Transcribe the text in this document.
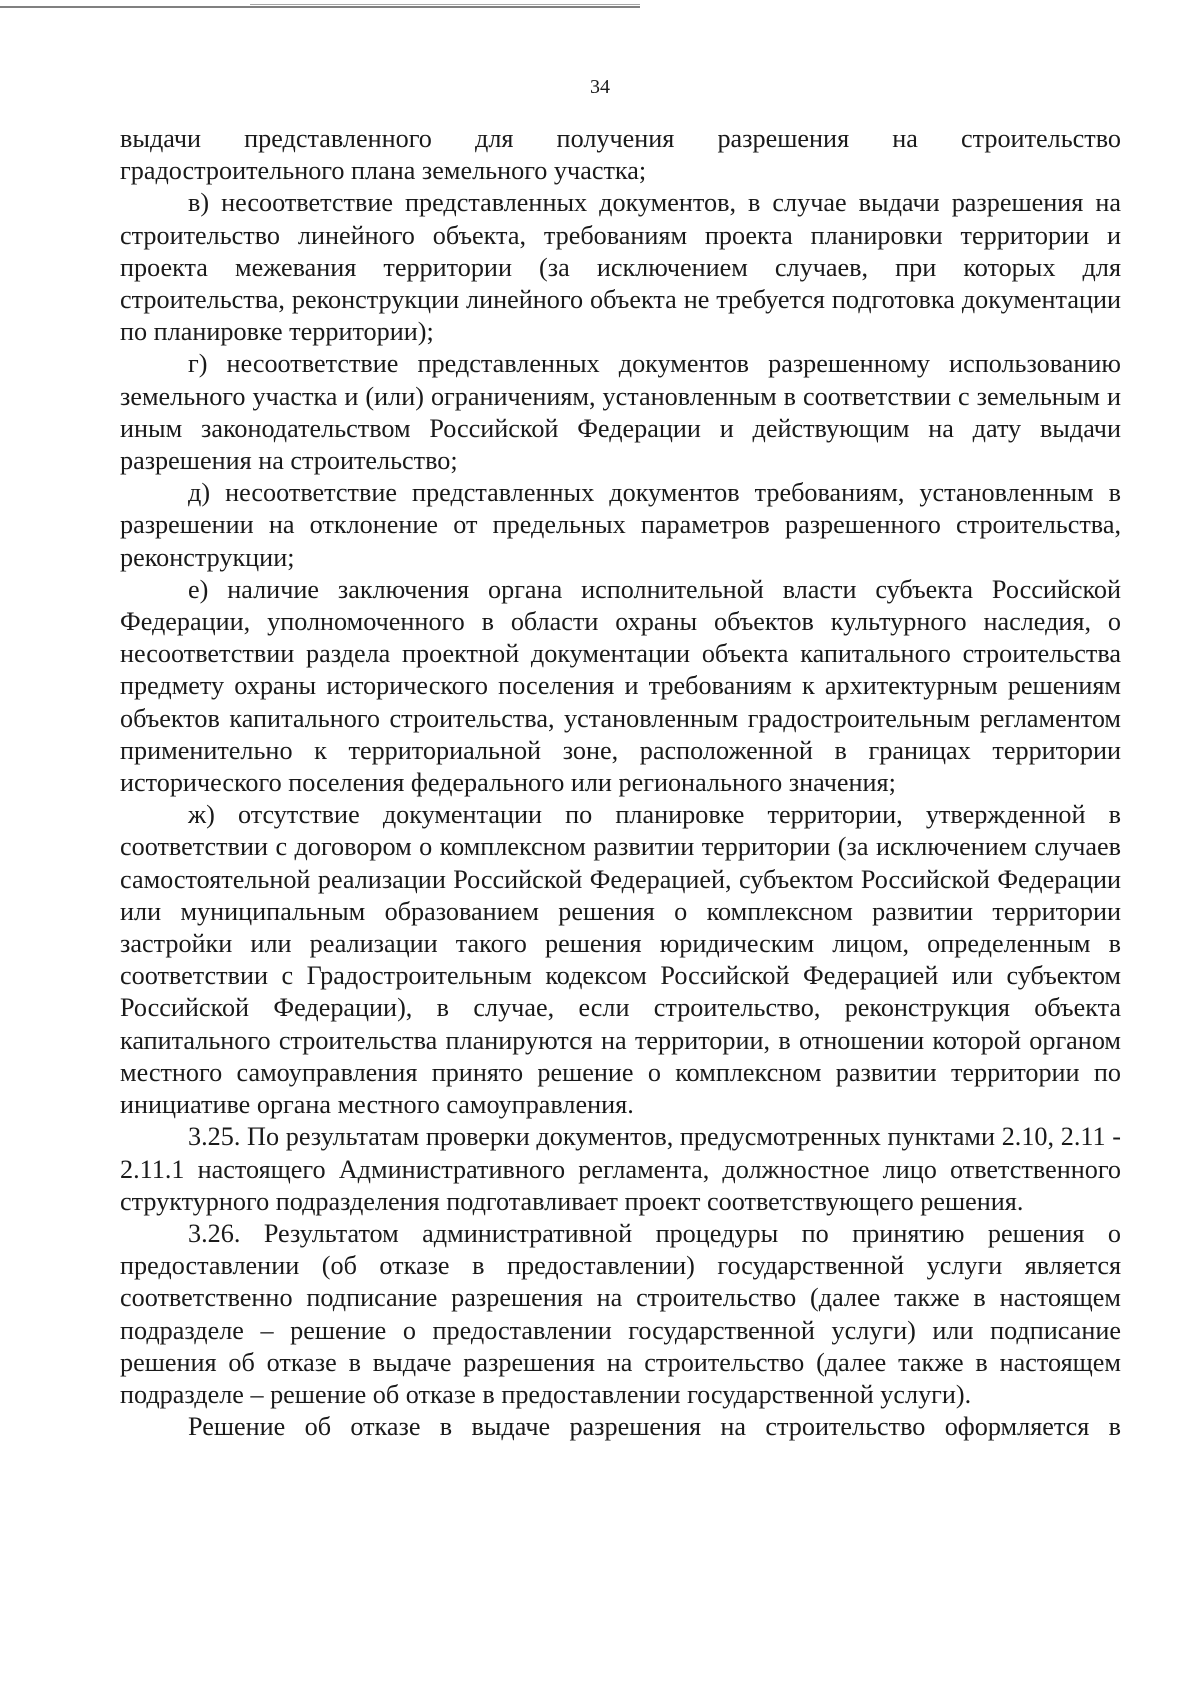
34

выдачи представленного для получения разрешения на строительство градостроительного плана земельного участка;

в) несоответствие представленных документов, в случае выдачи разрешения на строительство линейного объекта, требованиям проекта планировки территории и проекта межевания территории (за исключением случаев, при которых для строительства, реконструкции линейного объекта не требуется подготовка документации по планировке территории);

г) несоответствие представленных документов разрешенному использованию земельного участка и (или) ограничениям, установленным в соответствии с земельным и иным законодательством Российской Федерации и действующим на дату выдачи разрешения на строительство;

д) несоответствие представленных документов требованиям, установленным в разрешении на отклонение от предельных параметров разрешенного строительства, реконструкции;

е) наличие заключения органа исполнительной власти субъекта Российской Федерации, уполномоченного в области охраны объектов культурного наследия, о несоответствии раздела проектной документации объекта капитального строительства предмету охраны исторического поселения и требованиям к архитектурным решениям объектов капитального строительства, установленным градостроительным регламентом применительно к территориальной зоне, расположенной в границах территории исторического поселения федерального или регионального значения;

ж) отсутствие документации по планировке территории, утвержденной в соответствии с договором о комплексном развитии территории (за исключением случаев самостоятельной реализации Российской Федерацией, субъектом Российской Федерации или муниципальным образованием решения о комплексном развитии территории застройки или реализации такого решения юридическим лицом, определенным в соответствии с Градостроительным кодексом Российской Федерацией или субъектом Российской Федерации), в случае, если строительство, реконструкция объекта капитального строительства планируются на территории, в отношении которой органом местного самоуправления принято решение о комплексном развитии территории по инициативе органа местного самоуправления.

3.25. По результатам проверки документов, предусмотренных пунктами 2.10, 2.11 - 2.11.1 настоящего Административного регламента, должностное лицо ответственного структурного подразделения подготавливает проект соответствующего решения.

3.26. Результатом административной процедуры по принятию решения о предоставлении (об отказе в предоставлении) государственной услуги является соответственно подписание разрешения на строительство (далее также в настоящем подразделе – решение о предоставлении государственной услуги) или подписание решения об отказе в выдаче разрешения на строительство (далее также в настоящем подразделе – решение об отказе в предоставлении государственной услуги).

Решение об отказе в выдаче разрешения на строительство оформляется в
